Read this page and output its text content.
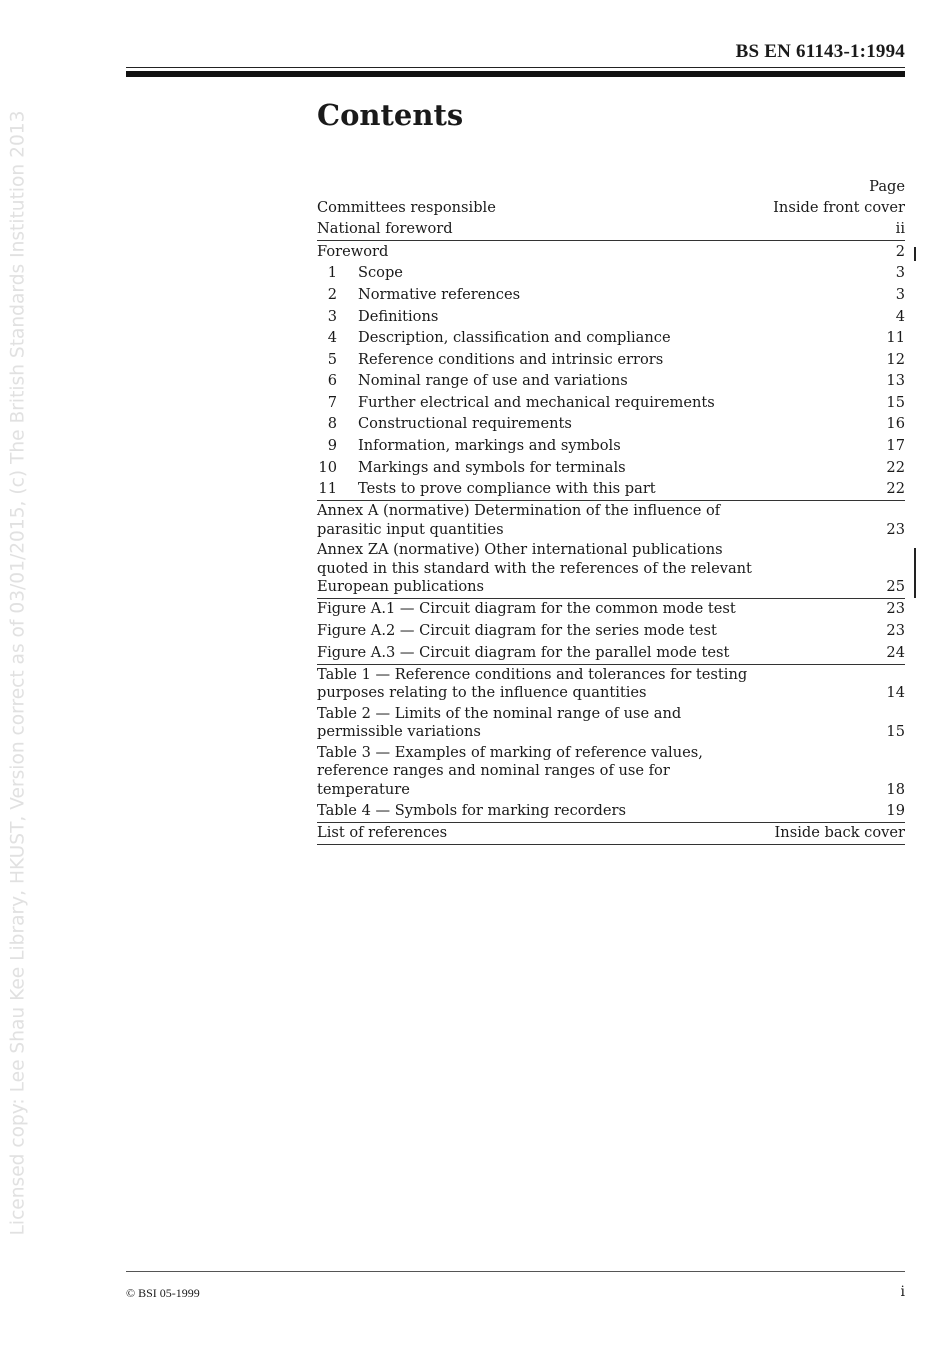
BS EN 61143-1:1994
Licensed copy: Lee Shau Kee Library, HKUST, Version correct as of 03/01/2015, (c) The British Standards Institution 2013	Contents
Page
Committees responsible	Inside front cover
National foreword	ii
Foreword	2
1 Scope	3
2 Normative references	3
3 Definitions	4
4 Description, classification and compliance	11
5 Reference conditions and intrinsic errors	12
6 Nominal range of use and variations	13
7 Further electrical and mechanical requirements	15
8 Constructional requirements	16
9 Information, markings and symbols	17
10 Markings and symbols for terminals	22
11 Tests to prove compliance with this part	22
Annex A (normative) Determination of the influence of
parasitic input quantities	23
Annex ZA (normative) Other international publications
quoted in this standard with the references of the relevant
European publications	25
Figure A.1 — Circuit diagram for the common mode test	23
Figure A.2 — Circuit diagram for the series mode test	23
Figure A.3 — Circuit diagram for the parallel mode test	24
Table 1 — Reference conditions and tolerances for testing
purposes relating to the influence quantities	14
Table 2 — Limits of the nominal range of use and
permissible variations	15
Table 3 — Examples of marking of reference values,
reference ranges and nominal ranges of use for
temperature	18
Table 4 — Symbols for marking recorders	19
List of references	Inside back cover
© BSI 05-1999	i
